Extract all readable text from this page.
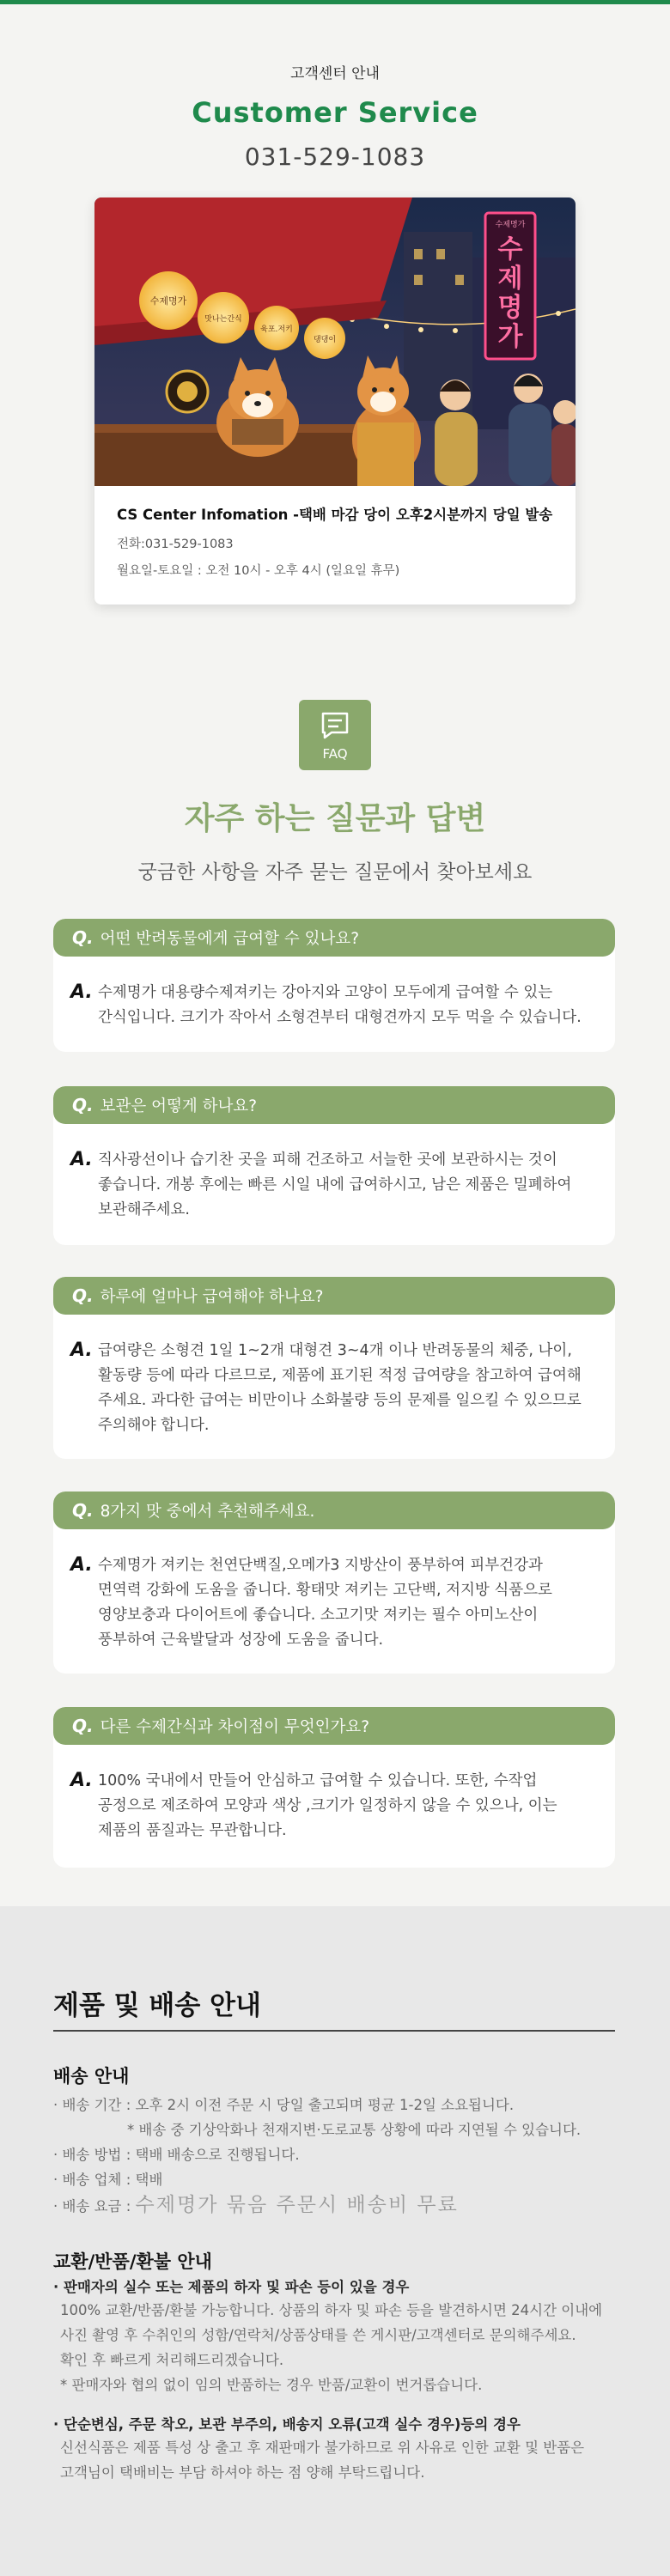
고객센터 안내
Customer Service
031-529-1083
수제명가
수
제
명
가
수제명가
맛나는간식
육포.저키
댕댕이
CS Center Infomation -택배 마감 당이 오후2시분까지 당일 발송
전화:031-529-1083
월요일-토요일 : 오전 10시 - 오후 4시 (일요일 휴무)
FAQ
자주 하는 질문과 답변
궁금한 사항을 자주 묻는 질문에서 찾아보세요
Q. 어떤 반려동물에게 급여할 수 있나요?
A. 수제명가 대용량수제져키는 강아지와 고양이 모두에게 급여할 수 있는
간식입니다. 크기가 작아서 소형견부터 대형견까지 모두 먹을 수 있습니다.
Q. 보관은 어떻게 하나요?
A. 직사광선이나 습기찬 곳을 피해 건조하고 서늘한 곳에 보관하시는 것이
좋습니다. 개봉 후에는 빠른 시일 내에 급여하시고, 남은 제품은 밀폐하여
보관해주세요.
Q. 하루에 얼마나 급여해야 하나요?
A. 급여량은 소형견 1일 1~2개 대형견 3~4개 이나 반려동물의 체중, 나이,
활동량 등에 따라 다르므로, 제품에 표기된 적정 급여량을 참고하여 급여해
주세요. 과다한 급여는 비만이나 소화불량 등의 문제를 일으킬 수 있으므로
주의해야 합니다.
Q. 8가지 맛 중에서 추천해주세요.
A. 수제명가 져키는 천연단백질,오메가3 지방산이 풍부하여 피부건강과
면역력 강화에 도움을 줍니다. 황태맛 져키는 고단백, 저지방 식품으로
영양보충과 다이어트에 좋습니다. 소고기맛 져키는 필수 아미노산이
풍부하여 근육발달과 성장에 도움을 줍니다.
Q. 다른 수제간식과 차이점이 무엇인가요?
A. 100% 국내에서 만들어 안심하고 급여할 수 있습니다. 또한, 수작업
공정으로 제조하여 모양과 색상 ,크기가 일정하지 않을 수 있으나, 이는
제품의 품질과는 무관합니다.
제품 및 배송 안내
배송 안내
· 배송 기간 : 오후 2시 이전 주문 시 당일 출고되며 평균 1-2일 소요됩니다.
* 배송 중 기상악화나 천재지변·도로교통 상황에 따라 지연될 수 있습니다.
· 배송 방법 : 택배 배송으로 진행됩니다.
· 배송 업체 : 택배
· 배송 요금 : 수제명가 묶음 주문시 배송비 무료
교환/반품/환불 안내
· 판매자의 실수 또는 제품의 하자 및 파손 등이 있을 경우
100% 교환/반품/환불 가능합니다. 상품의 하자 및 파손 등을 발견하시면 24시간 이내에
사진 촬영 후 수취인의 성함/연락처/상품상태를 쓴 게시판/고객센터로 문의해주세요.
확인 후 빠르게 처리해드리겠습니다.
* 판매자와 협의 없이 임의 반품하는 경우 반품/교환이 번거롭습니다.
· 단순변심, 주문 착오, 보관 부주의, 배송지 오류(고객 실수 경우)등의 경우
신선식품은 제품 특성 상 출고 후 재판매가 불가하므로 위 사유로 인한 교환 및 반품은
고객님이 택배비는 부담 하셔야 하는 점 양해 부탁드립니다.
